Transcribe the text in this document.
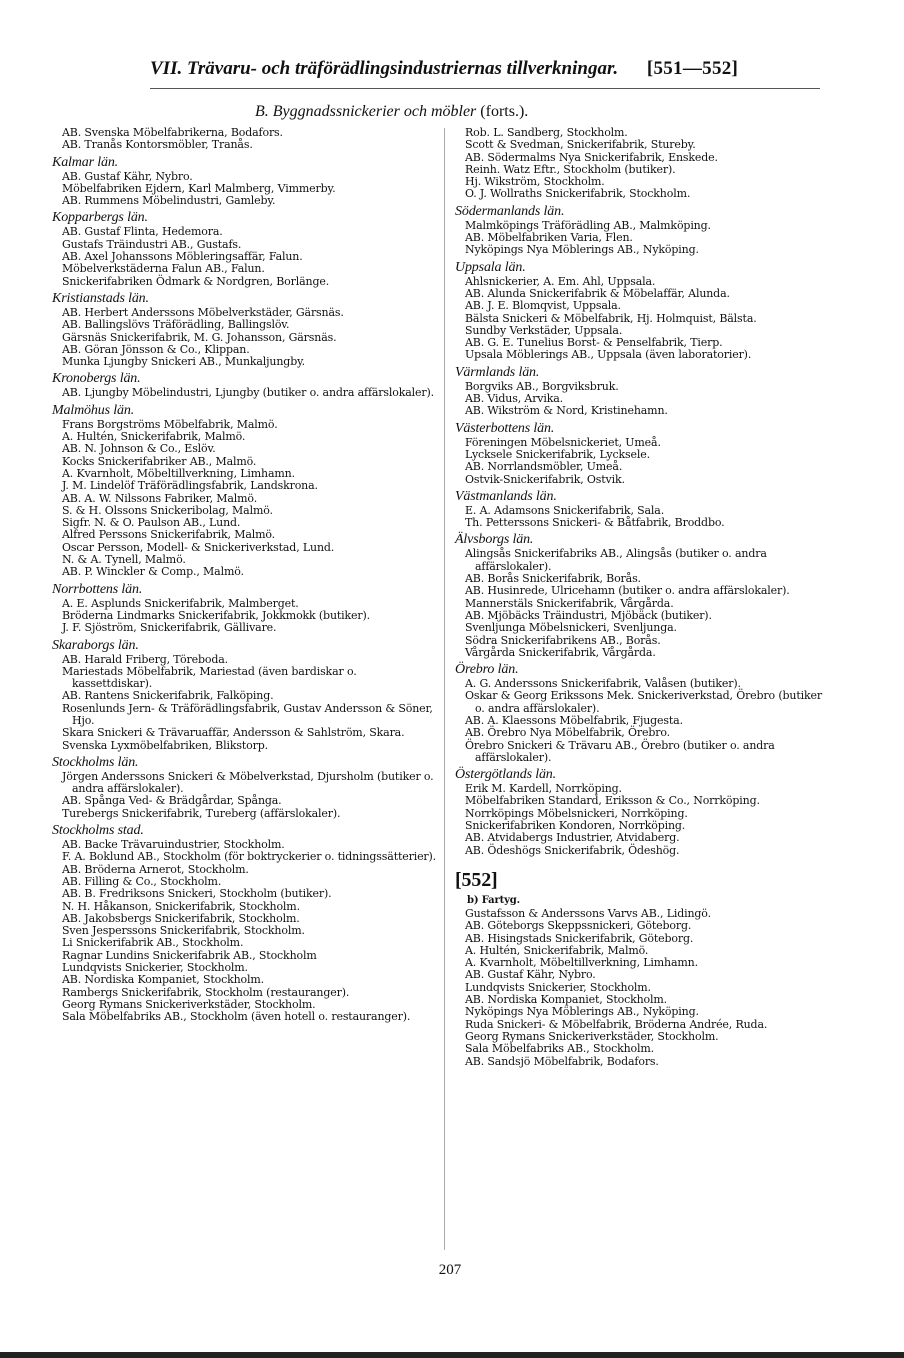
VII. Trävaru- och träförädlingsindustriernas tillverkningar. [551—552]
B. Byggnadssnickerier och möbler (forts.).

AB. Svenska Möbelfabrikerna, Bodafors.

AB. Tranås Kontorsmöbler, Tranås.

Kalmar län.

AB. Gustaf Kähr, Nybro.

Möbelfabriken Ejdern, Karl Malmberg, Vimmerby.

AB. Rummens Möbelindustri, Gamleby.

Kopparbergs län.

AB. Gustaf Flinta, Hedemora.

Gustafs Träindustri AB., Gustafs.

AB. Axel Johanssons Möbleringsaffär, Falun.

Möbelverkstäderna Falun AB., Falun.

Snickerifabriken Ödmark & Nordgren, Borlänge.

Kristianstads län.

AB. Herbert Anderssons Möbelverkstäder, Gärsnäs.

AB. Ballingslövs Träförädling, Ballingslöv.

Gärsnäs Snickerifabrik, M. G. Johansson, Gärsnäs.

AB. Göran Jönsson & Co., Klippan.

Munka Ljungby Snickeri AB., Munkaljungby.

Kronobergs län.

AB. Ljungby Möbelindustri, Ljungby (butiker o. andra affärslokaler).

Malmöhus län.

Frans Borgströms Möbelfabrik, Malmö.

A. Hultén, Snickerifabrik, Malmö.

AB. N. Johnson & Co., Eslöv.

Kocks Snickerifabriker AB., Malmö.

A. Kvarnholt, Möbeltillverkning, Limhamn.

J. M. Lindelöf Träförädlingsfabrik, Landskrona.

AB. A. W. Nilssons Fabriker, Malmö.

S. & H. Olssons Snickeribolag, Malmö.

Sigfr. N. & O. Paulson AB., Lund.

Alfred Perssons Snickerifabrik, Malmö.

Oscar Persson, Modell- & Snickeriverkstad, Lund.

N. & A. Tynell, Malmö.

AB. P. Winckler & Comp., Malmö.

Norrbottens län.

A. E. Asplunds Snickerifabrik, Malmberget.

Bröderna Lindmarks Snickerifabrik, Jokkmokk (butiker).

J. F. Sjöström, Snickerifabrik, Gällivare.

Skaraborgs län.

AB. Harald Friberg, Töreboda.

Mariestads Möbelfabrik, Mariestad (även bardiskar o. kassettdiskar).

AB. Rantens Snickerifabrik, Falköping.

Rosenlunds Jern- & Träförädlingsfabrik, Gustav Andersson & Söner, Hjo.

Skara Snickeri & Trävaruaffär, Andersson & Sahlström, Skara.

Svenska Lyxmöbelfabriken, Blikstorp.

Stockholms län.

Jörgen Anderssons Snickeri & Möbelverkstad, Djursholm (butiker o. andra affärslokaler).

AB. Spånga Ved- & Brädgårdar, Spånga.

Turebergs Snickerifabrik, Tureberg (affärslokaler).

Stockholms stad.

AB. Backe Trävaruindustrier, Stockholm.

F. A. Boklund AB., Stockholm (för boktryckerier o. tidningssätterier).

AB. Bröderna Arnerot, Stockholm.

AB. Filling & Co., Stockholm.

AB. B. Fredriksons Snickeri, Stockholm (butiker).

N. H. Håkanson, Snickerifabrik, Stockholm.

AB. Jakobsbergs Snickerifabrik, Stockholm.

Sven Jesperssons Snickerifabrik, Stockholm.

Li Snickerifabrik AB., Stockholm.

Ragnar Lundins Snickerifabrik AB., Stockholm

Lundqvists Snickerier, Stockholm.

AB. Nordiska Kompaniet, Stockholm.

Rambergs Snickerifabrik, Stockholm (restauranger).

Georg Rymans Snickeriverkstäder, Stockholm.

Sala Möbelfabriks AB., Stockholm (även hotell o. restauranger).

Rob. L. Sandberg, Stockholm.

Scott & Svedman, Snickerifabrik, Stureby.

AB. Södermalms Nya Snickerifabrik, Enskede.

Reinh. Watz Eftr., Stockholm (butiker).

Hj. Wikström, Stockholm.

O. J. Wollraths Snickerifabrik, Stockholm.

Södermanlands län.

Malmköpings Träförädling AB., Malmköping.

AB. Möbelfabriken Varia, Flen.

Nyköpings Nya Möblerings AB., Nyköping.

Uppsala län.

Ahlsnickerier, A. Em. Ahl, Uppsala.

AB. Alunda Snickerifabrik & Möbelaffär, Alunda.

AB. J. E. Blomqvist, Uppsala.

Bälsta Snickeri & Möbelfabrik, Hj. Holmquist, Bälsta.

Sundby Verkstäder, Uppsala.

AB. G. E. Tunelius Borst- & Penselfabrik, Tierp.

Upsala Möblerings AB., Uppsala (även laboratorier).

Värmlands län.

Borgviks AB., Borgviksbruk.

AB. Vidus, Arvika.

AB. Wikström & Nord, Kristinehamn.

Västerbottens län.

Föreningen Möbelsnickeriet, Umeå.

Lycksele Snickerifabrik, Lycksele.

AB. Norrlandsmöbler, Umeå.

Ostvik-Snickerifabrik, Ostvik.

Västmanlands län.

E. A. Adamsons Snickerifabrik, Sala.

Th. Petterssons Snickeri- & Båtfabrik, Broddbo.

Älvsborgs län.

Alingsås Snickerifabriks AB., Alingsås (butiker o. andra affärslokaler).

AB. Borås Snickerifabrik, Borås.

AB. Husinrede, Ulricehamn (butiker o. andra affärslokaler).

Mannerstäls Snickerifabrik, Vårgårda.

AB. Mjöbäcks Träindustri, Mjöbäck (butiker).

Svenljunga Möbelsnickeri, Svenljunga.

Södra Snickerifabrikens AB., Borås.

Vårgårda Snickerifabrik, Vårgårda.

Örebro län.

A. G. Anderssons Snickerifabrik, Valåsen (butiker).

Oskar & Georg Erikssons Mek. Snickeriverkstad, Örebro (butiker o. andra affärslokaler).

AB. A. Klaessons Möbelfabrik, Fjugesta.

AB. Örebro Nya Möbelfabrik, Örebro.

Örebro Snickeri & Trävaru AB., Örebro (butiker o. andra affärslokaler).

Östergötlands län.

Erik M. Kardell, Norrköping.

Möbelfabriken Standard, Eriksson & Co., Norrköping.

Norrköpings Möbelsnickeri, Norrköping.

Snickerifabriken Kondoren, Norrköping.

AB. Atvidabergs Industrier, Atvidaberg.

AB. Ödeshögs Snickerifabrik, Ödeshög.

[552]
b) Fartyg.

Gustafsson & Anderssons Varvs AB., Lidingö.

AB. Göteborgs Skeppssnickeri, Göteborg.

AB. Hisingstads Snickerifabrik, Göteborg.

A. Hultén, Snickerifabrik, Malmö.

A. Kvarnholt, Möbeltillverkning, Limhamn.

AB. Gustaf Kähr, Nybro.

Lundqvists Snickerier, Stockholm.

AB. Nordiska Kompaniet, Stockholm.

Nyköpings Nya Möblerings AB., Nyköping.

Ruda Snickeri- & Möbelfabrik, Bröderna Andrée, Ruda.

Georg Rymans Snickeriverkstäder, Stockholm.

Sala Möbelfabriks AB., Stockholm.

AB. Sandsjö Möbelfabrik, Bodafors.

207
